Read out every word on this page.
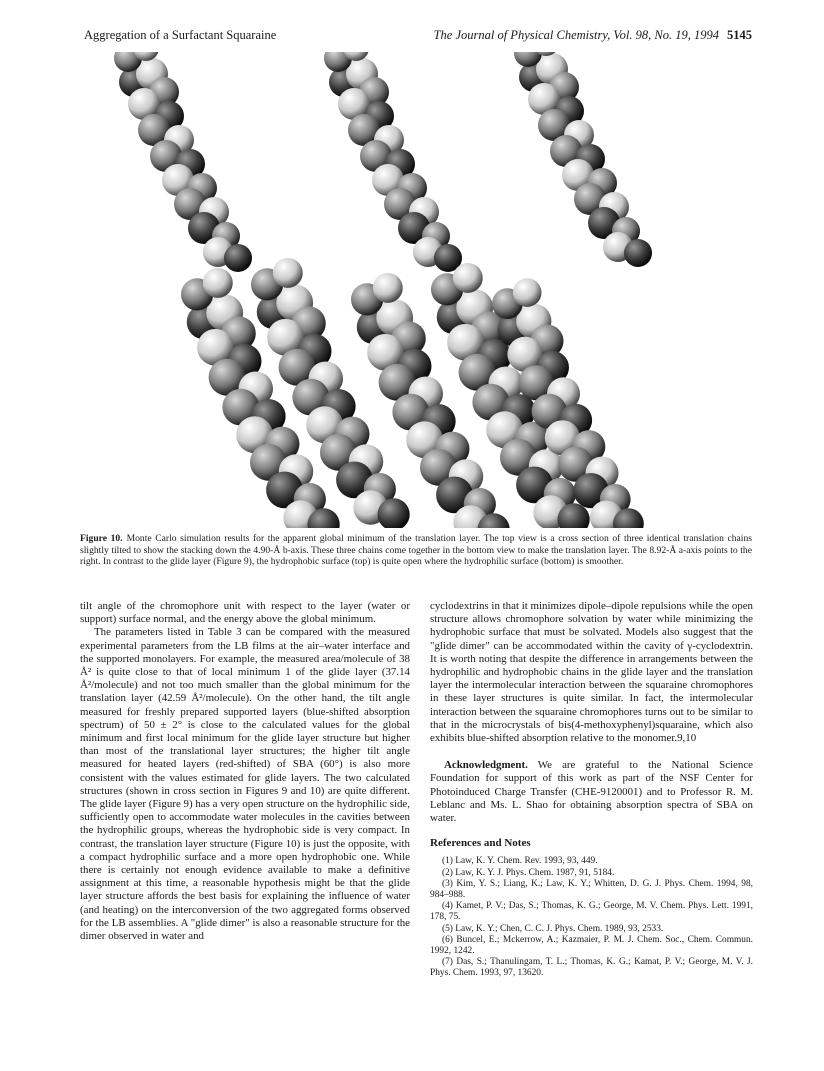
Aggregation of a Surfactant Squaraine	The Journal of Physical Chemistry, Vol. 98, No. 19, 1994 5145
Figure 10. Monte Carlo simulation results for the apparent global minimum of the translation layer. The top view is a cross section of three identical translation chains slightly tilted to show the stacking down the 4.90-Å b-axis. These three chains come together in the bottom view to make the translation layer. The 8.92-Å a-axis points to the right. In contrast to the glide layer (Figure 9), the hydrophobic surface (top) is quite open where the hydrophilic surface (bottom) is smoother.

tilt angle of the chromophore unit with respect to the layer (water or support) surface normal, and the energy above the global minimum.

The parameters listed in Table 3 can be compared with the measured experimental parameters from the LB films at the air–water interface and the supported monolayers. For example, the measured area/molecule of 38 Å² is quite close to that of local minimum 1 of the glide layer (37.14 Å²/molecule) and not too much smaller than the global minimum for the translation layer (42.59 Å²/molecule). On the other hand, the tilt angle measured for freshly prepared supported layers (blue-shifted absorption spectrum) of 50 ± 2° is close to the calculated values for the global minimum and first local minimum for the glide layer structure but higher than most of the translational layer structures; the higher tilt angle measured for heated layers (red-shifted) of SBA (60°) is also more consistent with the values estimated for glide layers. The two calculated structures (shown in cross section in Figures 9 and 10) are quite different. The glide layer (Figure 9) has a very open structure on the hydrophilic side, sufficiently open to accommodate water molecules in the cavities between the hydrophilic groups, whereas the hydrophobic side is very compact. In contrast, the translation layer structure (Figure 10) is just the opposite, with a compact hydrophilic surface and a more open hydrophobic one. While there is certainly not enough evidence available to make a definitive assignment at this time, a reasonable hypothesis might be that the glide layer structure affords the best basis for explaining the influence of water (and heating) on the interconversion of the two aggregated forms observed for the LB assemblies. A "glide dimer" is also a reasonable structure for the dimer observed in water and

cyclodextrins in that it minimizes dipole–dipole repulsions while the open structure allows chromophore solvation by water while minimizing the hydrophobic surface that must be solvated. Models also suggest that the "glide dimer" can be accommodated within the cavity of γ-cyclodextrin. It is worth noting that despite the difference in arrangements between the hydrophilic and hydrophobic chains in the glide layer and the translation layer the intermolecular interaction between the squaraine chromophores in these layer structures is quite similar. In fact, the intermolecular interaction between the squaraine chromophores turns out to be similar to that in the microcrystals of bis(4-methoxyphenyl)squaraine, which also exhibits blue-shifted absorption relative to the monomer.9,10

Acknowledgment. We are grateful to the National Science Foundation for support of this work as part of the NSF Center for Photoinduced Charge Transfer (CHE-9120001) and to Professor R. M. Leblanc and Ms. L. Shao for obtaining absorption spectra of SBA on water.

References and Notes

(1) Law, K. Y. Chem. Rev. 1993, 93, 449.

(2) Law, K. Y. J. Phys. Chem. 1987, 91, 5184.

(3) Kim, Y. S.; Liang, K.; Law, K. Y.; Whitten, D. G. J. Phys. Chem. 1994, 98, 984–988.

(4) Kamet, P. V.; Das, S.; Thomas, K. G.; George, M. V. Chem. Phys. Lett. 1991, 178, 75.

(5) Law, K. Y.; Chen, C. C. J. Phys. Chem. 1989, 93, 2533.

(6) Buncel, E.; Mckerrow, A.; Kazmaier, P. M. J. Chem. Soc., Chem. Commun. 1992, 1242.

(7) Das, S.; Thanulingam, T. L.; Thomas, K. G.; Kamat, P. V.; George, M. V. J. Phys. Chem. 1993, 97, 13620.
